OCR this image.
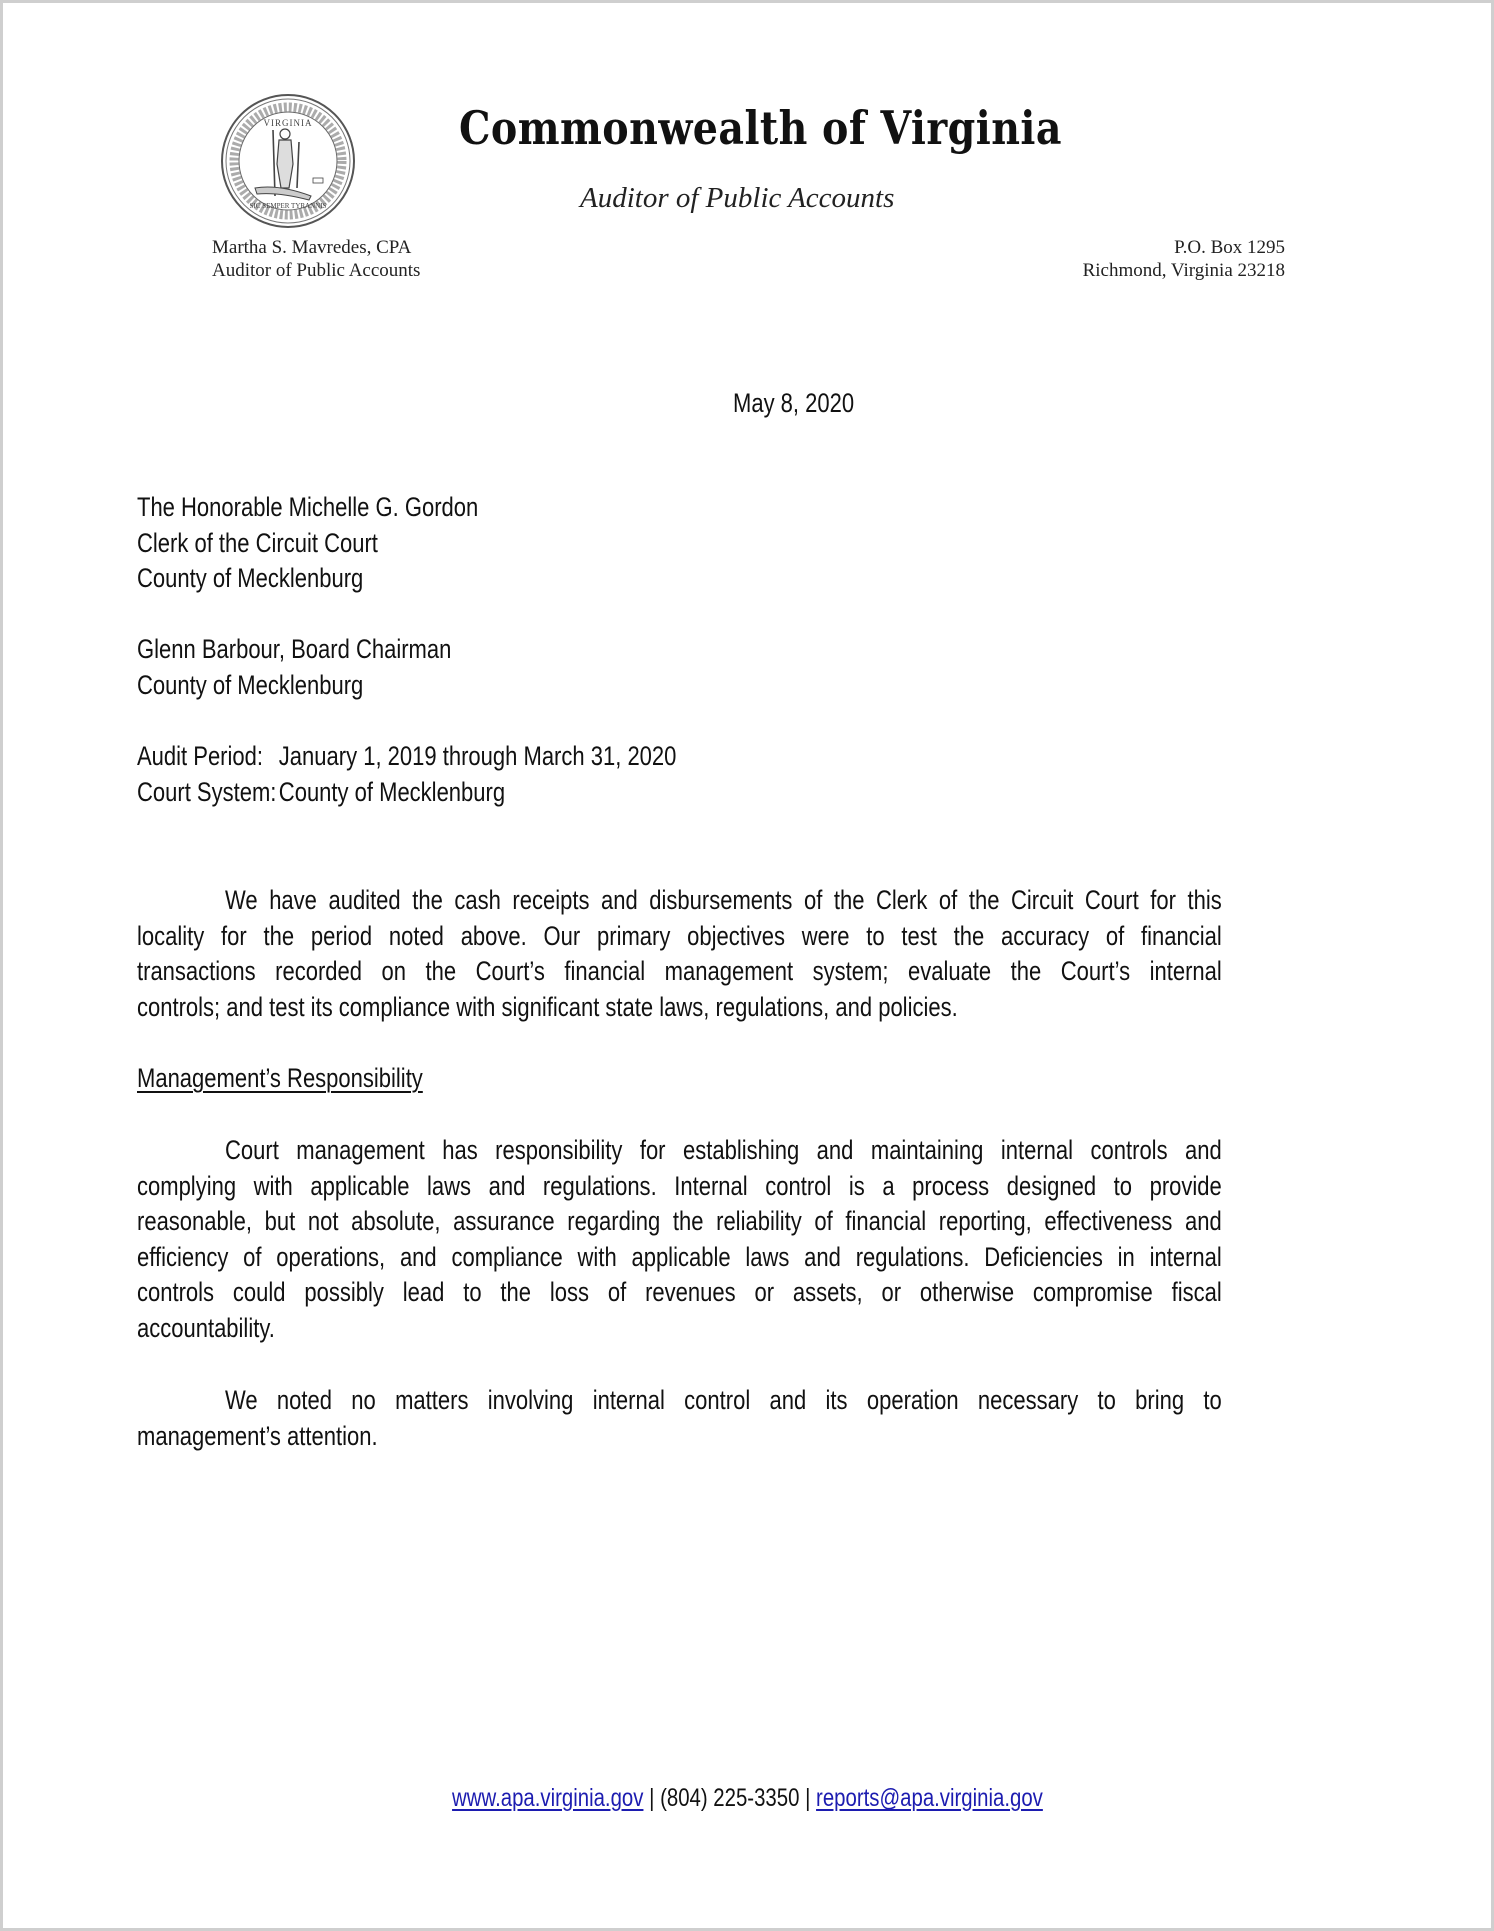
VIRGINIA
SIC SEMPER TYRANNIS
Commonwealth of Virginia
Auditor of Public Accounts
Martha S. Mavredes, CPA
Auditor of Public Accounts
P.O. Box 1295
Richmond, Virginia 23218
May 8, 2020
The Honorable Michelle G. Gordon
Clerk of the Circuit Court
County of Mecklenburg
Glenn Barbour, Board Chairman
County of Mecklenburg
Audit Period: January 1, 2019 through March 31, 2020
Court System:County of Mecklenburg
We have audited the cash receipts and disbursements of the Clerk of the Circuit Court for this
locality for the period noted above. Our primary objectives were to test the accuracy of financial
transactions recorded on the Court’s financial management system; evaluate the Court’s internal
controls; and test its compliance with significant state laws, regulations, and policies.
Management’s Responsibility
Court management has responsibility for establishing and maintaining internal controls and
complying with applicable laws and regulations. Internal control is a process designed to provide
reasonable, but not absolute, assurance regarding the reliability of financial reporting, effectiveness and
efficiency of operations, and compliance with applicable laws and regulations. Deficiencies in internal
controls could possibly lead to the loss of revenues or assets, or otherwise compromise fiscal
accountability.
We noted no matters involving internal control and its operation necessary to bring to
management’s attention.
www.apa.virginia.gov | (804) 225-3350 | reports@apa.virginia.gov
